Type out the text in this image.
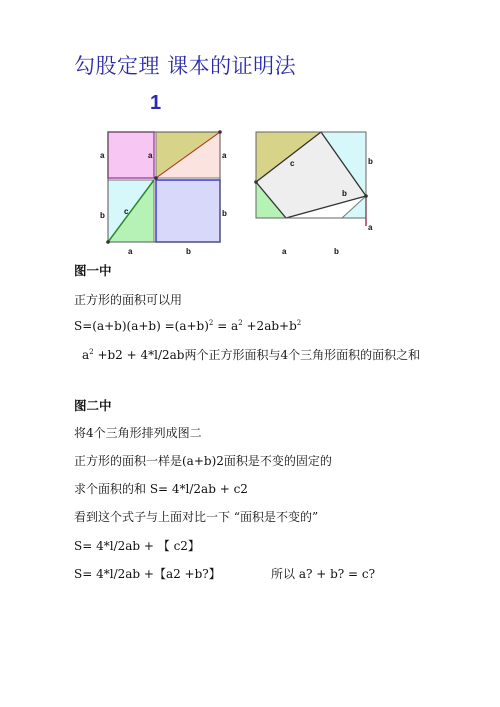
勾股定理 课本的证明法
1
a	a	a
b c	b
a	b
c	b
a
b
a	b
图一中
正方形的面积可以用
$S=(a+b)(a+b) =(a+b)^2 = a^2 +2ab+b^2$
$a^2 +b2 + 4*l/2ab$两个正方形面积与4个三角形面积的面积之和
图二中
将4个三角形排列成图二
正方形的面积一样是(a+b)2面积是不变的固定的
求个面积的和 S= 4*l/2ab + c2
看到这个式子与上面对比一下 “面积是不变的”
S= 4*l/2ab + 【 c2】
S= 4*l/2ab +【a2 +b?】	所以 a? + b? = c?
